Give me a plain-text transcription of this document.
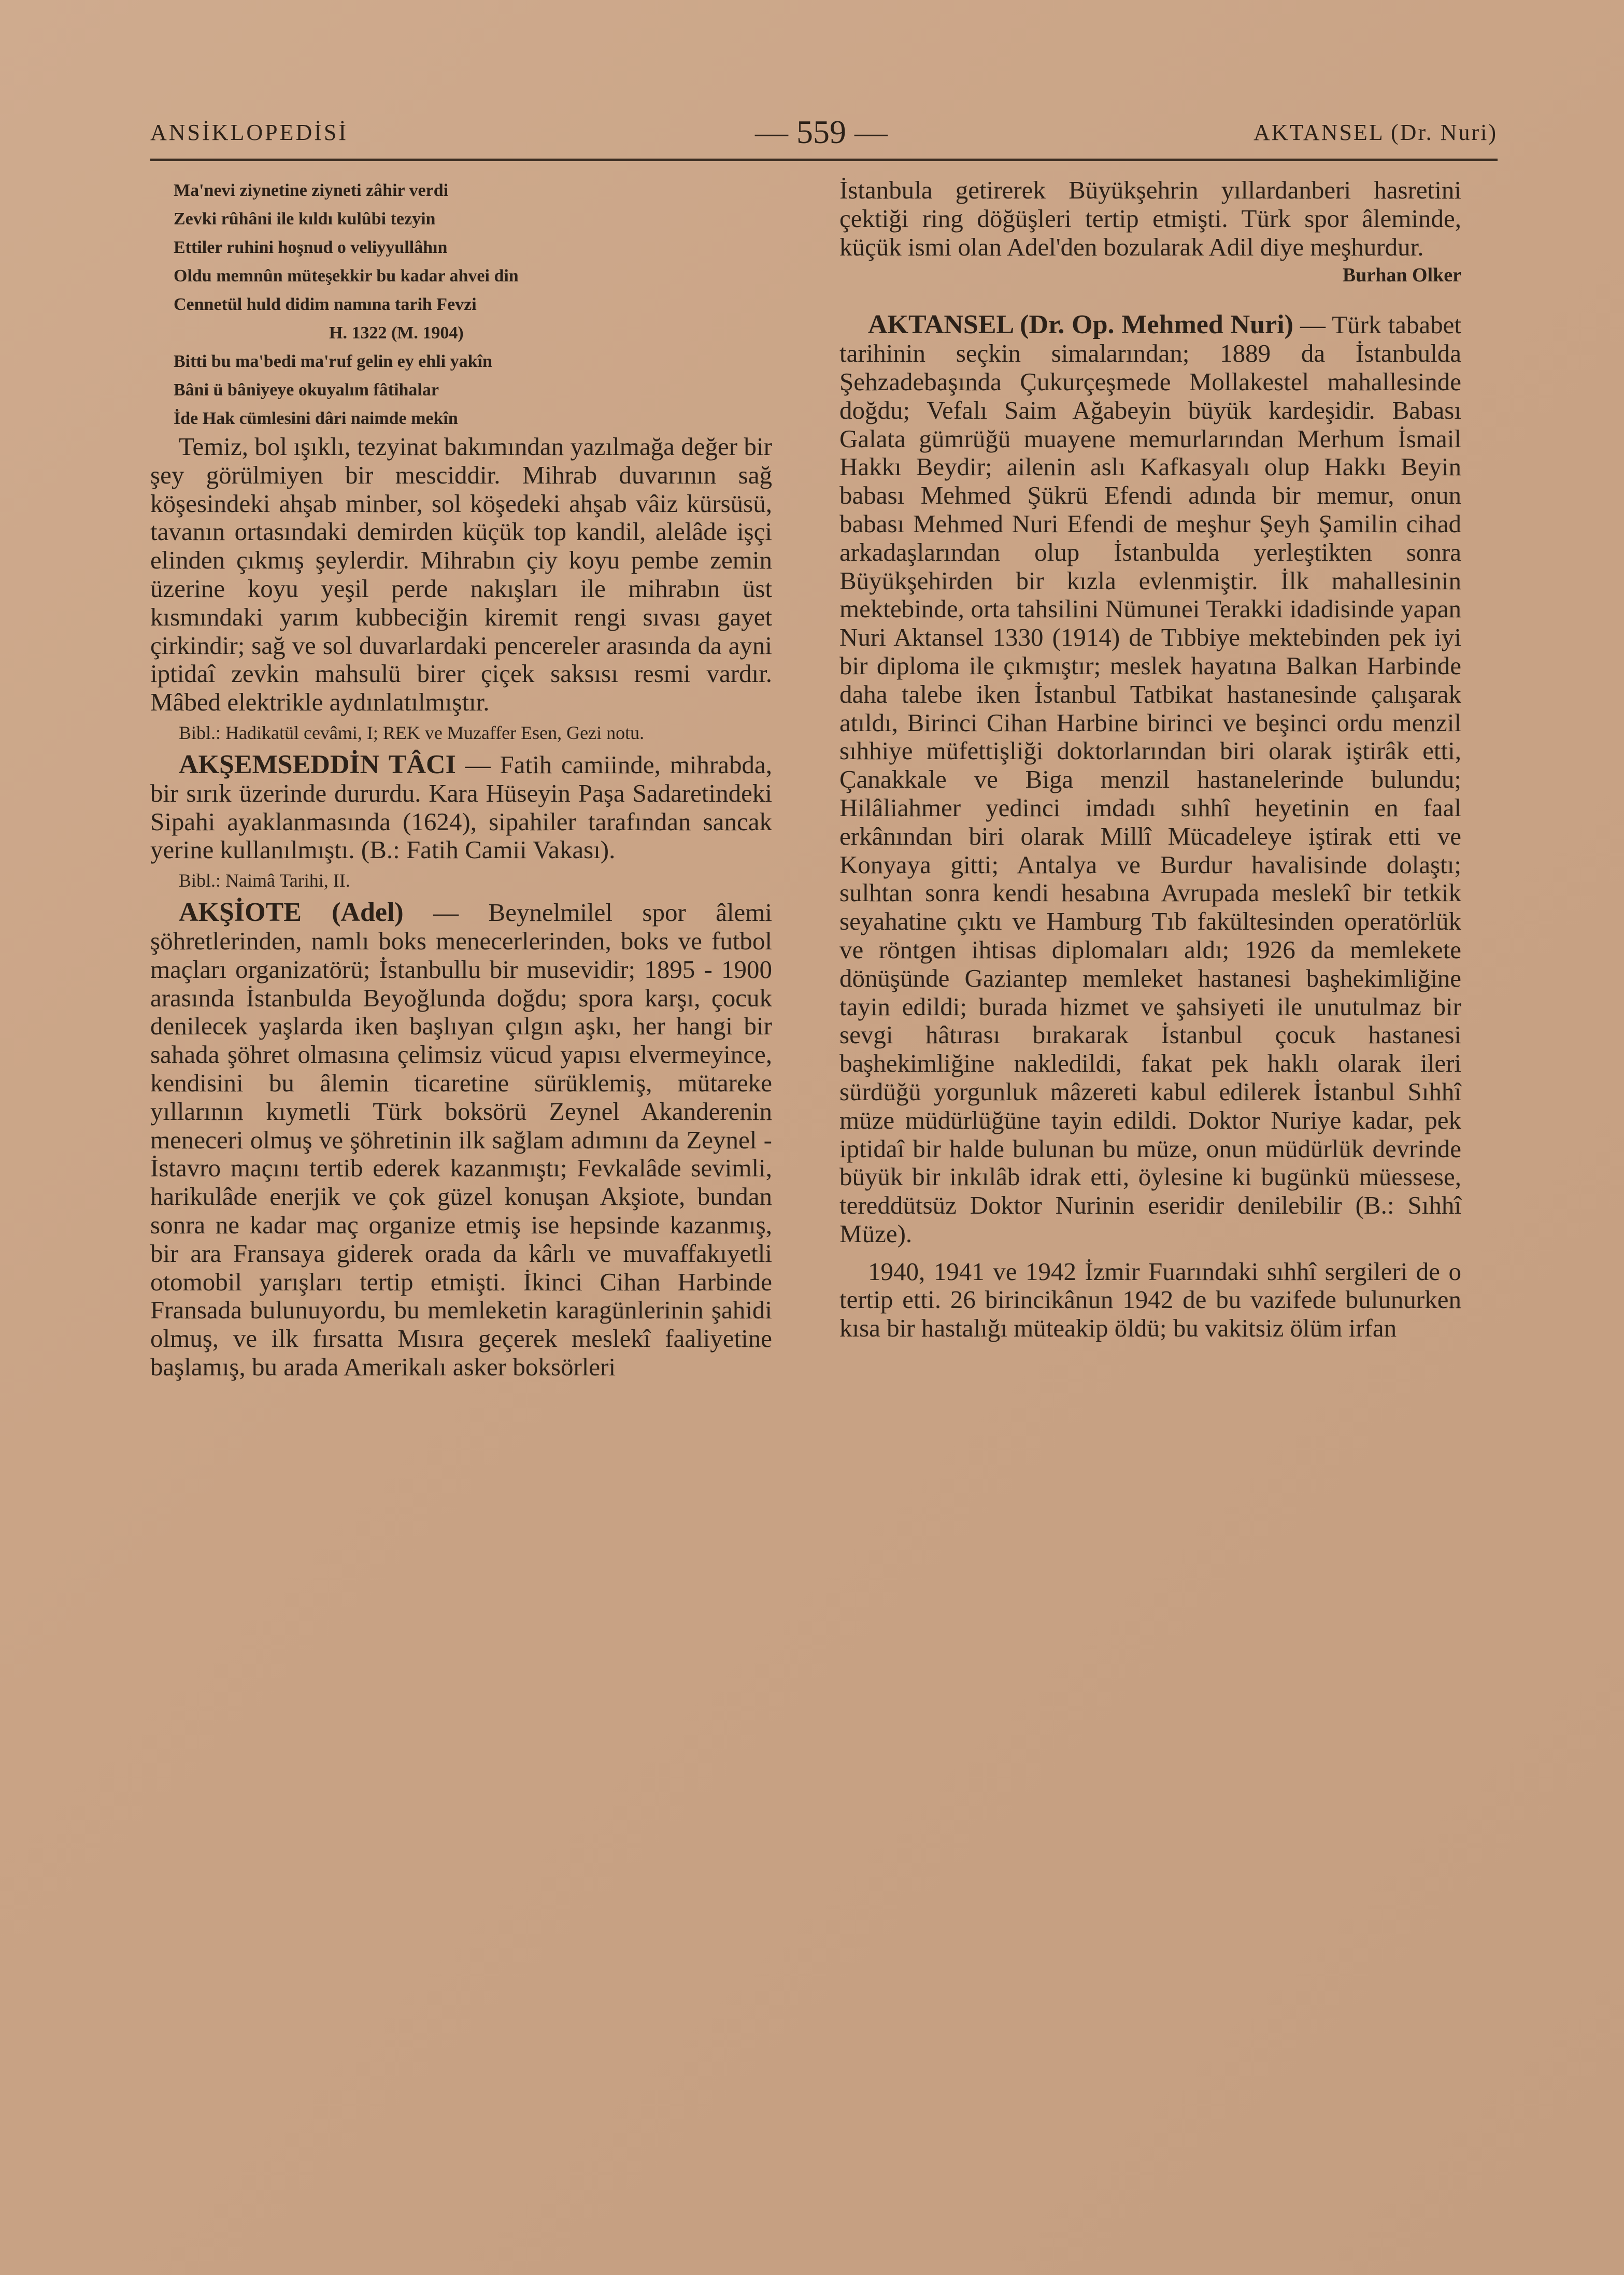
ANSİKLOPEDİSİ	— 559 —	AKTANSEL (Dr. Nuri)
Ma'nevi ziynetine ziyneti zâhir verdi
Zevki rûhâni ile kıldı kulûbi tezyin
Ettiler ruhini hoşnud o veliyyullâhın
Oldu memnûn müteşekkir bu kadar ahvei din
Cennetül huld didim namına tarih Fevzi
H. 1322 (M. 1904)
Bitti bu ma'bedi ma'ruf gelin ey ehli yakîn
Bâni ü bâniyeye okuyalım fâtihalar
İde Hak cümlesini dâri naimde mekîn

Temiz, bol ışıklı, tezyinat bakımından yazılmağa değer bir şey görülmiyen bir mesciddir. Mihrab duvarının sağ köşesindeki ahşab minber, sol köşedeki ahşab vâiz kürsüsü, tavanın ortasındaki demirden küçük top kandil, alelâde işçi elinden çıkmış şeylerdir. Mihrabın çiy koyu pembe zemin üzerine koyu yeşil perde nakışları ile mihrabın üst kısmındaki yarım kubbeciğin kiremit rengi sıvası gayet çirkindir; sağ ve sol duvarlardaki pencereler arasında da ayni iptidaî zevkin mahsulü birer çiçek saksısı resmi vardır. Mâbed elektrikle aydınlatılmıştır.

Bibl.: Hadikatül cevâmi, I; REK ve Muzaffer Esen, Gezi notu.

AKŞEMSEDDİN TÂCI — Fatih camiinde, mihrabda, bir sırık üzerinde dururdu. Kara Hüseyin Paşa Sadaretindeki Sipahi ayaklanmasında (1624), sipahiler tarafından sancak yerine kullanılmıştı. (B.: Fatih Camii Vakası).

Bibl.: Naimâ Tarihi, II.

AKŞİOTE (Adel) — Beynelmilel spor âlemi şöhretlerinden, namlı boks menecerlerinden, boks ve futbol maçları organizatörü; İstanbullu bir musevidir; 1895 - 1900 arasında İstanbulda Beyoğlunda doğdu; spora karşı, çocuk denilecek yaşlarda iken başlıyan çılgın aşkı, her hangi bir sahada şöhret olmasına çelimsiz vücud yapısı elvermeyince, kendisini bu âlemin ticaretine sürüklemiş, mütareke yıllarının kıymetli Türk boksörü Zeynel Akanderenin meneceri olmuş ve şöhretinin ilk sağlam adımını da Zeynel - İstavro maçını tertib ederek kazanmıştı; Fevkalâde sevimli, harikulâde enerjik ve çok güzel konuşan Akşiote, bundan sonra ne kadar maç organize etmiş ise hepsinde kazanmış, bir ara Fransaya giderek orada da kârlı ve muvaffakıyetli otomobil yarışları tertip etmişti. İkinci Cihan Harbinde Fransada bulunuyordu, bu memleketin karagünlerinin şahidi olmuş, ve ilk fırsatta Mısıra geçerek meslekî faaliyetine başlamış, bu arada Amerikalı asker boksörleri

İstanbula getirerek Büyükşehrin yıllardanberi hasretini çektiği ring döğüşleri tertip etmişti. Türk spor âleminde, küçük ismi olan Adel'den bozularak Adil diye meşhurdur.

Burhan Olker

AKTANSEL (Dr. Op. Mehmed Nuri) — Türk tababet tarihinin seçkin simalarından; 1889 da İstanbulda Şehzadebaşında Çukurçeşmede Mollakestel mahallesinde doğdu; Vefalı Saim Ağabeyin büyük kardeşidir. Babası Galata gümrüğü muayene memurlarından Merhum İsmail Hakkı Beydir; ailenin aslı Kafkasyalı olup Hakkı Beyin babası Mehmed Şükrü Efendi adında bir memur, onun babası Mehmed Nuri Efendi de meşhur Şeyh Şamilin cihad arkadaşlarından olup İstanbulda yerleştikten sonra Büyükşehirden bir kızla evlenmiştir. İlk mahallesinin mektebinde, orta tahsilini Nümunei Terakki idadisinde yapan Nuri Aktansel 1330 (1914) de Tıbbiye mektebinden pek iyi bir diploma ile çıkmıştır; meslek hayatına Balkan Harbinde daha talebe iken İstanbul Tatbikat hastanesinde çalışarak atıldı, Birinci Cihan Harbine birinci ve beşinci ordu menzil sıhhiye müfettişliği doktorlarından biri olarak iştirâk etti, Çanakkale ve Biga menzil hastanelerinde bulundu; Hilâliahmer yedinci imdadı sıhhî heyetinin en faal erkânından biri olarak Millî Mücadeleye iştirak etti ve Konyaya gitti; Antalya ve Burdur havalisinde dolaştı; sulhtan sonra kendi hesabına Avrupada meslekî bir tetkik seyahatine çıktı ve Hamburg Tıb fakültesinden operatörlük ve röntgen ihtisas diplomaları aldı; 1926 da memlekete dönüşünde Gaziantep memleket hastanesi başhekimliğine tayin edildi; burada hizmet ve şahsiyeti ile unutulmaz bir sevgi hâtırası bırakarak İstanbul çocuk hastanesi başhekimliğine nakledildi, fakat pek haklı olarak ileri sürdüğü yorgunluk mâzereti kabul edilerek İstanbul Sıhhî müze müdürlüğüne tayin edildi. Doktor Nuriye kadar, pek iptidaî bir halde bulunan bu müze, onun müdürlük devrinde büyük bir inkılâb idrak etti, öylesine ki bugünkü müessese, tereddütsüz Doktor Nurinin eseridir denilebilir (B.: Sıhhî Müze).

1940, 1941 ve 1942 İzmir Fuarındaki sıhhî sergileri de o tertip etti. 26 birincikânun 1942 de bu vazifede bulunurken kısa bir hastalığı müteakip öldü; bu vakitsiz ölüm irfan
